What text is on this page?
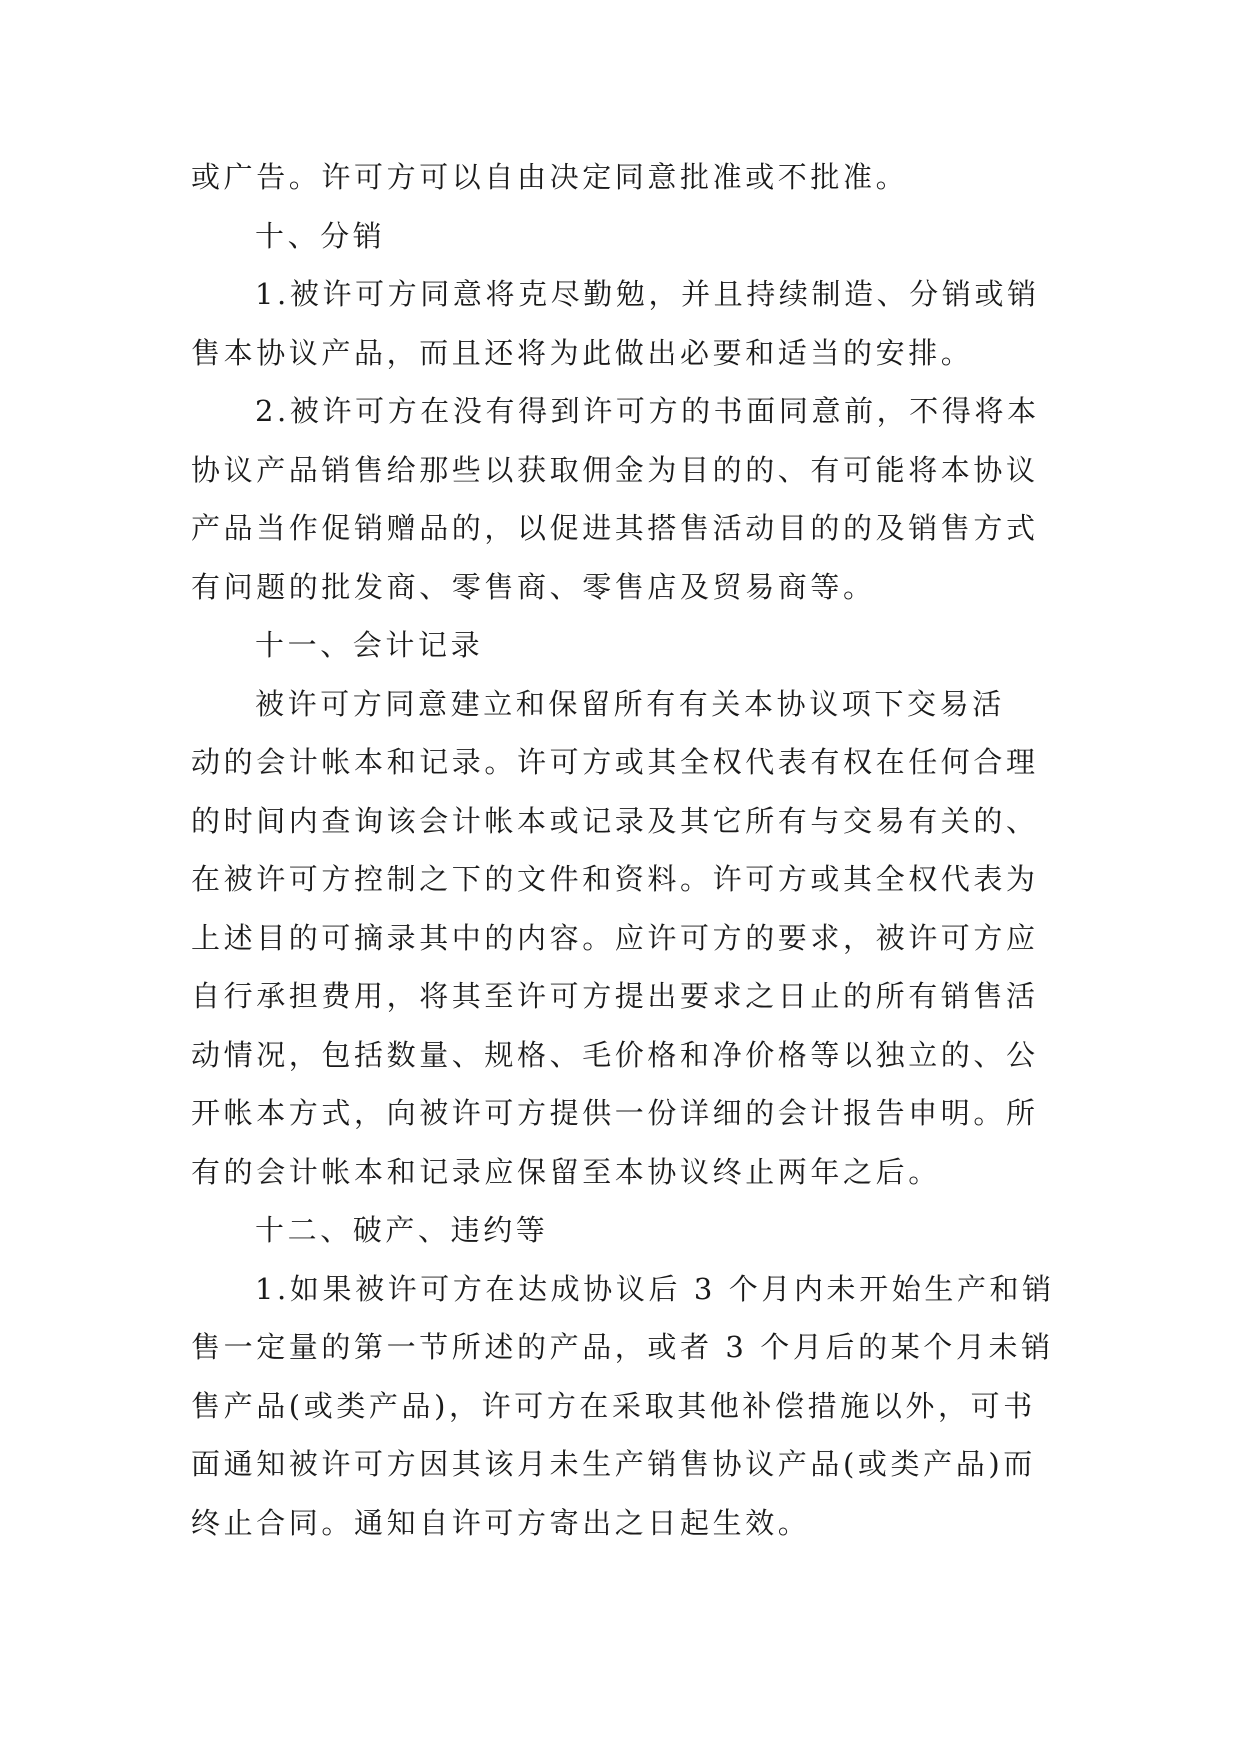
或广告。许可方可以自由决定同意批准或不批准。
十、分销
1.被许可方同意将克尽勤勉，并且持续制造、分销或销
售本协议产品，而且还将为此做出必要和适当的安排。
2.被许可方在没有得到许可方的书面同意前，不得将本
协议产品销售给那些以获取佣金为目的的、有可能将本协议
产品当作促销赠品的，以促进其搭售活动目的的及销售方式
有问题的批发商、零售商、零售店及贸易商等。
十一、会计记录
被许可方同意建立和保留所有有关本协议项下交易活
动的会计帐本和记录。许可方或其全权代表有权在任何合理
的时间内查询该会计帐本或记录及其它所有与交易有关的、
在被许可方控制之下的文件和资料。许可方或其全权代表为
上述目的可摘录其中的内容。应许可方的要求，被许可方应
自行承担费用，将其至许可方提出要求之日止的所有销售活
动情况，包括数量、规格、毛价格和净价格等以独立的、公
开帐本方式，向被许可方提供一份详细的会计报告申明。所
有的会计帐本和记录应保留至本协议终止两年之后。
十二、破产、违约等
1.如果被许可方在达成协议后 3 个月内未开始生产和销
售一定量的第一节所述的产品，或者 3 个月后的某个月未销
售产品(或类产品)，许可方在采取其他补偿措施以外，可书
面通知被许可方因其该月未生产销售协议产品(或类产品)而
终止合同。通知自许可方寄出之日起生效。
